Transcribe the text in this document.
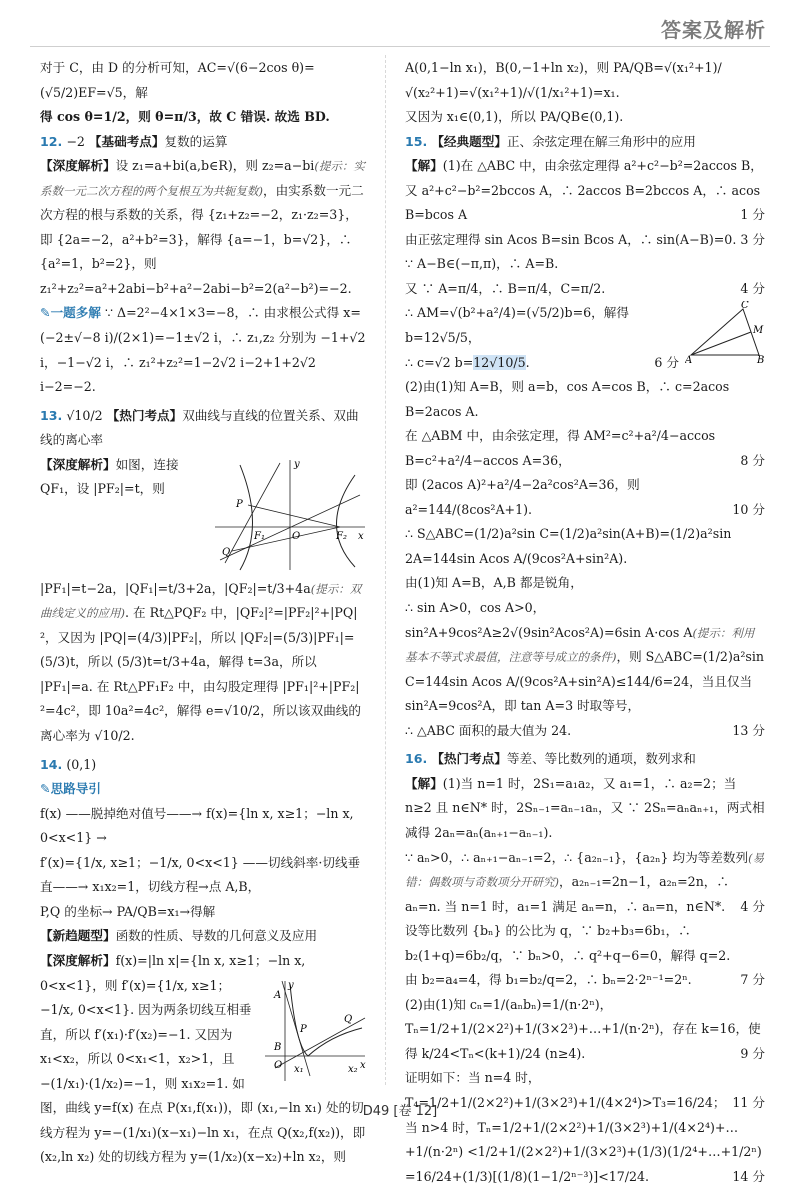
答案及解析

对于 C，由 D 的分析可知，AC=√(6−2cos θ)=(√5/2)EF=√5，解

得 cos θ=1/2，则 θ=π/3，故 C 错误. 故选 BD.

12. −2 【基础考点】复数的运算
【深度解析】设 z₁=a+bi(a,b∈R)，则 z₂=a−bi(提示：实系数一元二次方程的两个复根互为共轭复数)，由实系数一元二次方程的根与系数的关系，得 {z₁+z₂=−2，z₁·z₂=3}，即 {2a=−2，a²+b²=3}，解得 {a=−1，b=√2}，∴ {a²=1，b²=2}，则 z₁²+z₂²=a²+2abi−b²+a²−2abi−b²=2(a²−b²)=−2.
✎一题多解 ∵ Δ=2²−4×1×3=−8，∴ 由求根公式得 x=(−2±√−8 i)/(2×1)=−1±√2 i，∴ z₁,z₂ 分别为 −1+√2 i，−1−√2 i，∴ z₁²+z₂²=1−2√2 i−2+1+2√2 i−2=−2.
13. √10/2 【热门考点】双曲线与直线的位置关系、双曲线的离心率

y
x
P
Q
O
F₁	F₂
【深度解析】如图，连接 QF₁，设 |PF₂|=t，则 |PF₁|=t−2a，|QF₁|=t/3+2a，|QF₂|=t/3+4a(提示：双曲线定义的应用). 在 Rt△PQF₂ 中，|QF₂|²=|PF₂|²+|PQ|²，又因为 |PQ|=(4/3)|PF₂|，所以 |QF₂|=(5/3)|PF₁|=(5/3)t，所以 (5/3)t=t/3+4a，解得 t=3a，所以 |PF₁|=a. 在 Rt△PF₁F₂ 中，由勾股定理得 |PF₁|²+|PF₂|²=4c²，即 10a²=4c²，解得 e=√10/2，所以该双曲线的离心率为 √10/2.
14. (0,1)
✎思路导引
f(x) ——脱掉绝对值号——→ f(x)={ln x, x≥1；−ln x, 0<x<1} →
f′(x)={1/x, x≥1；−1/x, 0<x<1} ——切线斜率·切线垂直——→ x₁x₂=1，切线方程→点 A,B，
P,Q 的坐标→ PA/QB=x₁→得解
【新趋题型】函数的性质、导数的几何意义及应用
【深度解析】f(x)=|ln x|={ln x, x≥1；−ln x, 0<x<1}，则	y
x
A
B
P
Q
O x₁	x₂
f′(x)={1/x, x≥1；−1/x, 0<x<1}. 因为两条切线互相垂直，所以 f′(x₁)·f′(x₂)=−1. 又因为 x₁<x₂，所以 0<x₁<1，x₂>1，且 −(1/x₁)·(1/x₂)=−1，则 x₁x₂=1. 如图，曲线 y=f(x) 在点 P(x₁,f(x₁))，即 (x₁,−ln x₁) 处的切线方程为 y=−(1/x₁)(x−x₁)−ln x₁，在点 Q(x₂,f(x₂))，即 (x₂,ln x₂) 处的切线方程为 y=(1/x₂)(x−x₂)+ln x₂，则

A(0,1−ln x₁)，B(0,−1+ln x₂)，则 PA/QB=√(x₁²+1)/√(x₂²+1)=√(x₁²+1)/√(1/x₁²+1)=x₁.

又因为 x₁∈(0,1)，所以 PA/QB∈(0,1).

15. 【经典题型】正、余弦定理在解三角形中的应用
【解】(1)在 △ABC 中，由余弦定理得 a²+c²−b²=2accos B，又 a²+c²−b²=2bccos A，∴ 2accos B=2bccos A，∴ acos B=bcos A	1 分

由正弦定理得 sin Acos B=sin Bcos A，∴ sin(A−B)=0. 3 分

∵ A−B∈(−π,π)，∴ A=B.
又 ∵ A=π/4，∴ B=π/4，C=π/2.	4 分

A	B
C
M
∴ AM=√(b²+a²/4)=(√5/2)b=6，解得 b=12√5/5，
∴ c=√2 b=12√10/5.	6 分

(2)由(1)知 A=B，则 a=b，cos A=cos B，∴ c=2acos B=2acos A.
在 △ABM 中，由余弦定理，得 AM²=c²+a²/4−accos B=c²+a²/4−accos A=36，	8 分

即 (2acos A)²+a²/4−2a²cos²A=36，则 a²=144/(8cos²A+1).	10 分

∴ S△ABC=(1/2)a²sin C=(1/2)a²sin(A+B)=(1/2)a²sin 2A=144sin Acos A/(9cos²A+sin²A).
由(1)知 A=B，A,B 都是锐角，
∴ sin A>0，cos A>0，sin²A+9cos²A≥2√(9sin²Acos²A)=6sin A·cos A(提示：利用基本不等式求最值，注意等号成立的条件)，则 S△ABC=(1/2)a²sin C=144sin Acos A/(9cos²A+sin²A)≤144/6=24，当且仅当 sin²A=9cos²A，即 tan A=3 时取等号，
∴ △ABC 面积的最大值为 24.	13 分
16. 【热门考点】等差、等比数列的通项，数列求和
【解】(1)当 n=1 时，2S₁=a₁a₂，又 a₁=1，∴ a₂=2；当 n≥2 且 n∈N* 时，2Sₙ₋₁=aₙ₋₁aₙ，又 ∵ 2Sₙ=aₙaₙ₊₁，两式相减得 2aₙ=aₙ(aₙ₊₁−aₙ₋₁).
∵ aₙ>0，∴ aₙ₊₁−aₙ₋₁=2，∴ {a₂ₙ₋₁}，{a₂ₙ} 均为等差数列(易错：偶数项与奇数项分开研究)，a₂ₙ₋₁=2n−1，a₂ₙ=2n，∴ aₙ=n. 当 n=1 时，a₁=1 满足 aₙ=n，∴ aₙ=n，n∈N*. 4 分

设等比数列 {bₙ} 的公比为 q，∵ b₂+b₃=6b₁，∴ b₂(1+q)=6b₂/q，∵ bₙ>0，∴ q²+q−6=0，解得 q=2.
由 b₂=a₄=4，得 b₁=b₂/q=2，∴ bₙ=2·2ⁿ⁻¹=2ⁿ.	7 分

(2)由(1)知 cₙ=1/(aₙbₙ)=1/(n·2ⁿ)，Tₙ=1/2+1/(2×2²)+1/(3×2³)+…+1/(n·2ⁿ)，存在 k=16，使得 k/24<Tₙ<(k+1)/24 (n≥4).	9 分

证明如下：当 n=4 时，T₄=1/2+1/(2×2²)+1/(3×2³)+1/(4×2⁴)>T₃=16/24； 11 分

当 n>4 时，Tₙ=1/2+1/(2×2²)+1/(3×2³)+1/(4×2⁴)+…+1/(n·2ⁿ) <1/2+1/(2×2²)+1/(3×2³)+(1/3)(1/2⁴+…+1/2ⁿ) =16/24+(1/3)[(1/8)(1−1/2ⁿ⁻³)]<17/24.	14 分
D49 [卷 12]
